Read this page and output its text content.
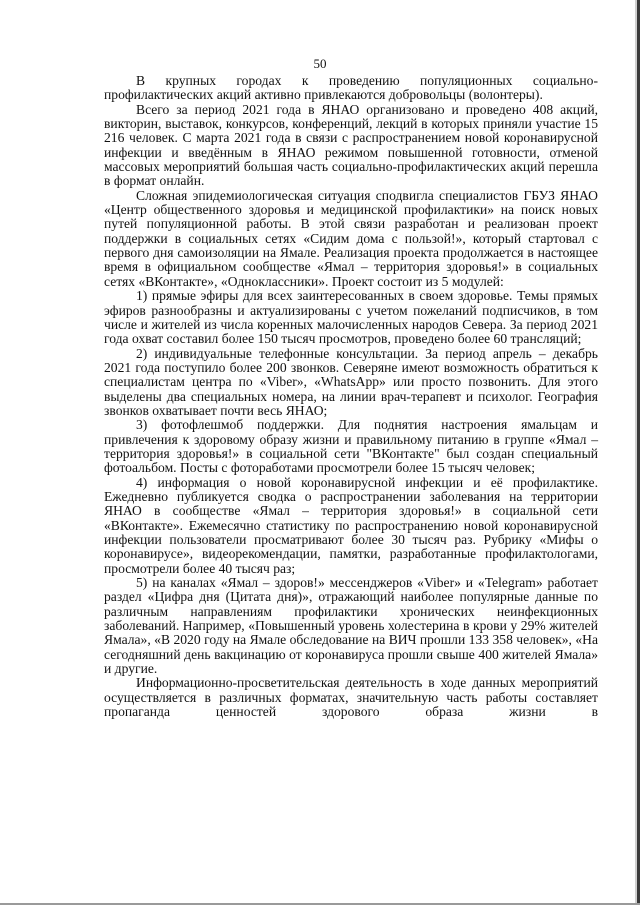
50

В крупных городах к проведению популяционных социально-профилактических акций активно привлекаются добровольцы (волонтеры).

Всего за период 2021 года в ЯНАО организовано и проведено 408 акций, викторин, выставок, конкурсов, конференций, лекций в которых приняли участие 15 216 человек. С марта 2021 года в связи с распространением новой коронавирусной инфекции и введённым в ЯНАО режимом повышенной готовности, отменой массовых мероприятий большая часть социально-профилактических акций перешла в формат онлайн.

Сложная эпидемиологическая ситуация сподвигла специалистов ГБУЗ ЯНАО «Центр общественного здоровья и медицинской профилактики» на поиск новых путей популяционной работы. В этой связи разработан и реализован проект поддержки в социальных сетях «Сидим дома с пользой!», который стартовал с первого дня самоизоляции на Ямале. Реализация проекта продолжается в настоящее время в официальном сообществе «Ямал – территория здоровья!» в социальных сетях «ВКонтакте», «Одноклассники». Проект состоит из 5 модулей:

1) прямые эфиры для всех заинтересованных в своем здоровье. Темы прямых эфиров разнообразны и актуализированы с учетом пожеланий подписчиков, в том числе и жителей из числа коренных малочисленных народов Севера. За период 2021 года охват составил более 150 тысяч просмотров, проведено более 60 трансляций;

2) индивидуальные телефонные консультации. За период апрель – декабрь 2021 года поступило более 200 звонков. Северяне имеют возможность обратиться к специалистам центра по «Viber», «WhatsApp» или просто позвонить. Для этого выделены два специальных номера, на линии врач-терапевт и психолог. География звонков охватывает почти весь ЯНАО;

3) фотофлешмоб поддержки. Для поднятия настроения ямальцам и привлечения к здоровому образу жизни и правильному питанию в группе «Ямал – территория здоровья!» в социальной сети "ВКонтакте" был создан специальный фотоальбом. Посты с фотоработами просмотрели более 15 тысяч человек;

4) информация о новой коронавирусной инфекции и её профилактике. Ежедневно публикуется сводка о распространении заболевания на территории ЯНАО в сообществе «Ямал – территория здоровья!» в социальной сети «ВКонтакте». Ежемесячно статистику по распространению новой коронавирусной инфекции пользователи просматривают более 30 тысяч раз. Рубрику «Мифы о коронавирусе», видеорекомендации, памятки, разработанные профилактологами, просмотрели более 40 тысяч раз;

5) на каналах «Ямал – здоров!» мессенджеров «Viber» и «Telegram» работает раздел «Цифра дня (Цитата дня)», отражающий наиболее популярные данные по различным направлениям профилактики хронических неинфекционных заболеваний. Например, «Повышенный уровень холестерина в крови у 29% жителей Ямала», «В 2020 году на Ямале обследование на ВИЧ прошли 133 358 человек», «На сегодняшний день вакцинацию от коронавируса прошли свыше 400 жителей Ямала» и другие.

Информационно-просветительская деятельность в ходе данных мероприятий осуществляется в различных форматах, значительную часть работы составляет пропаганда ценностей здорового образа жизни в
